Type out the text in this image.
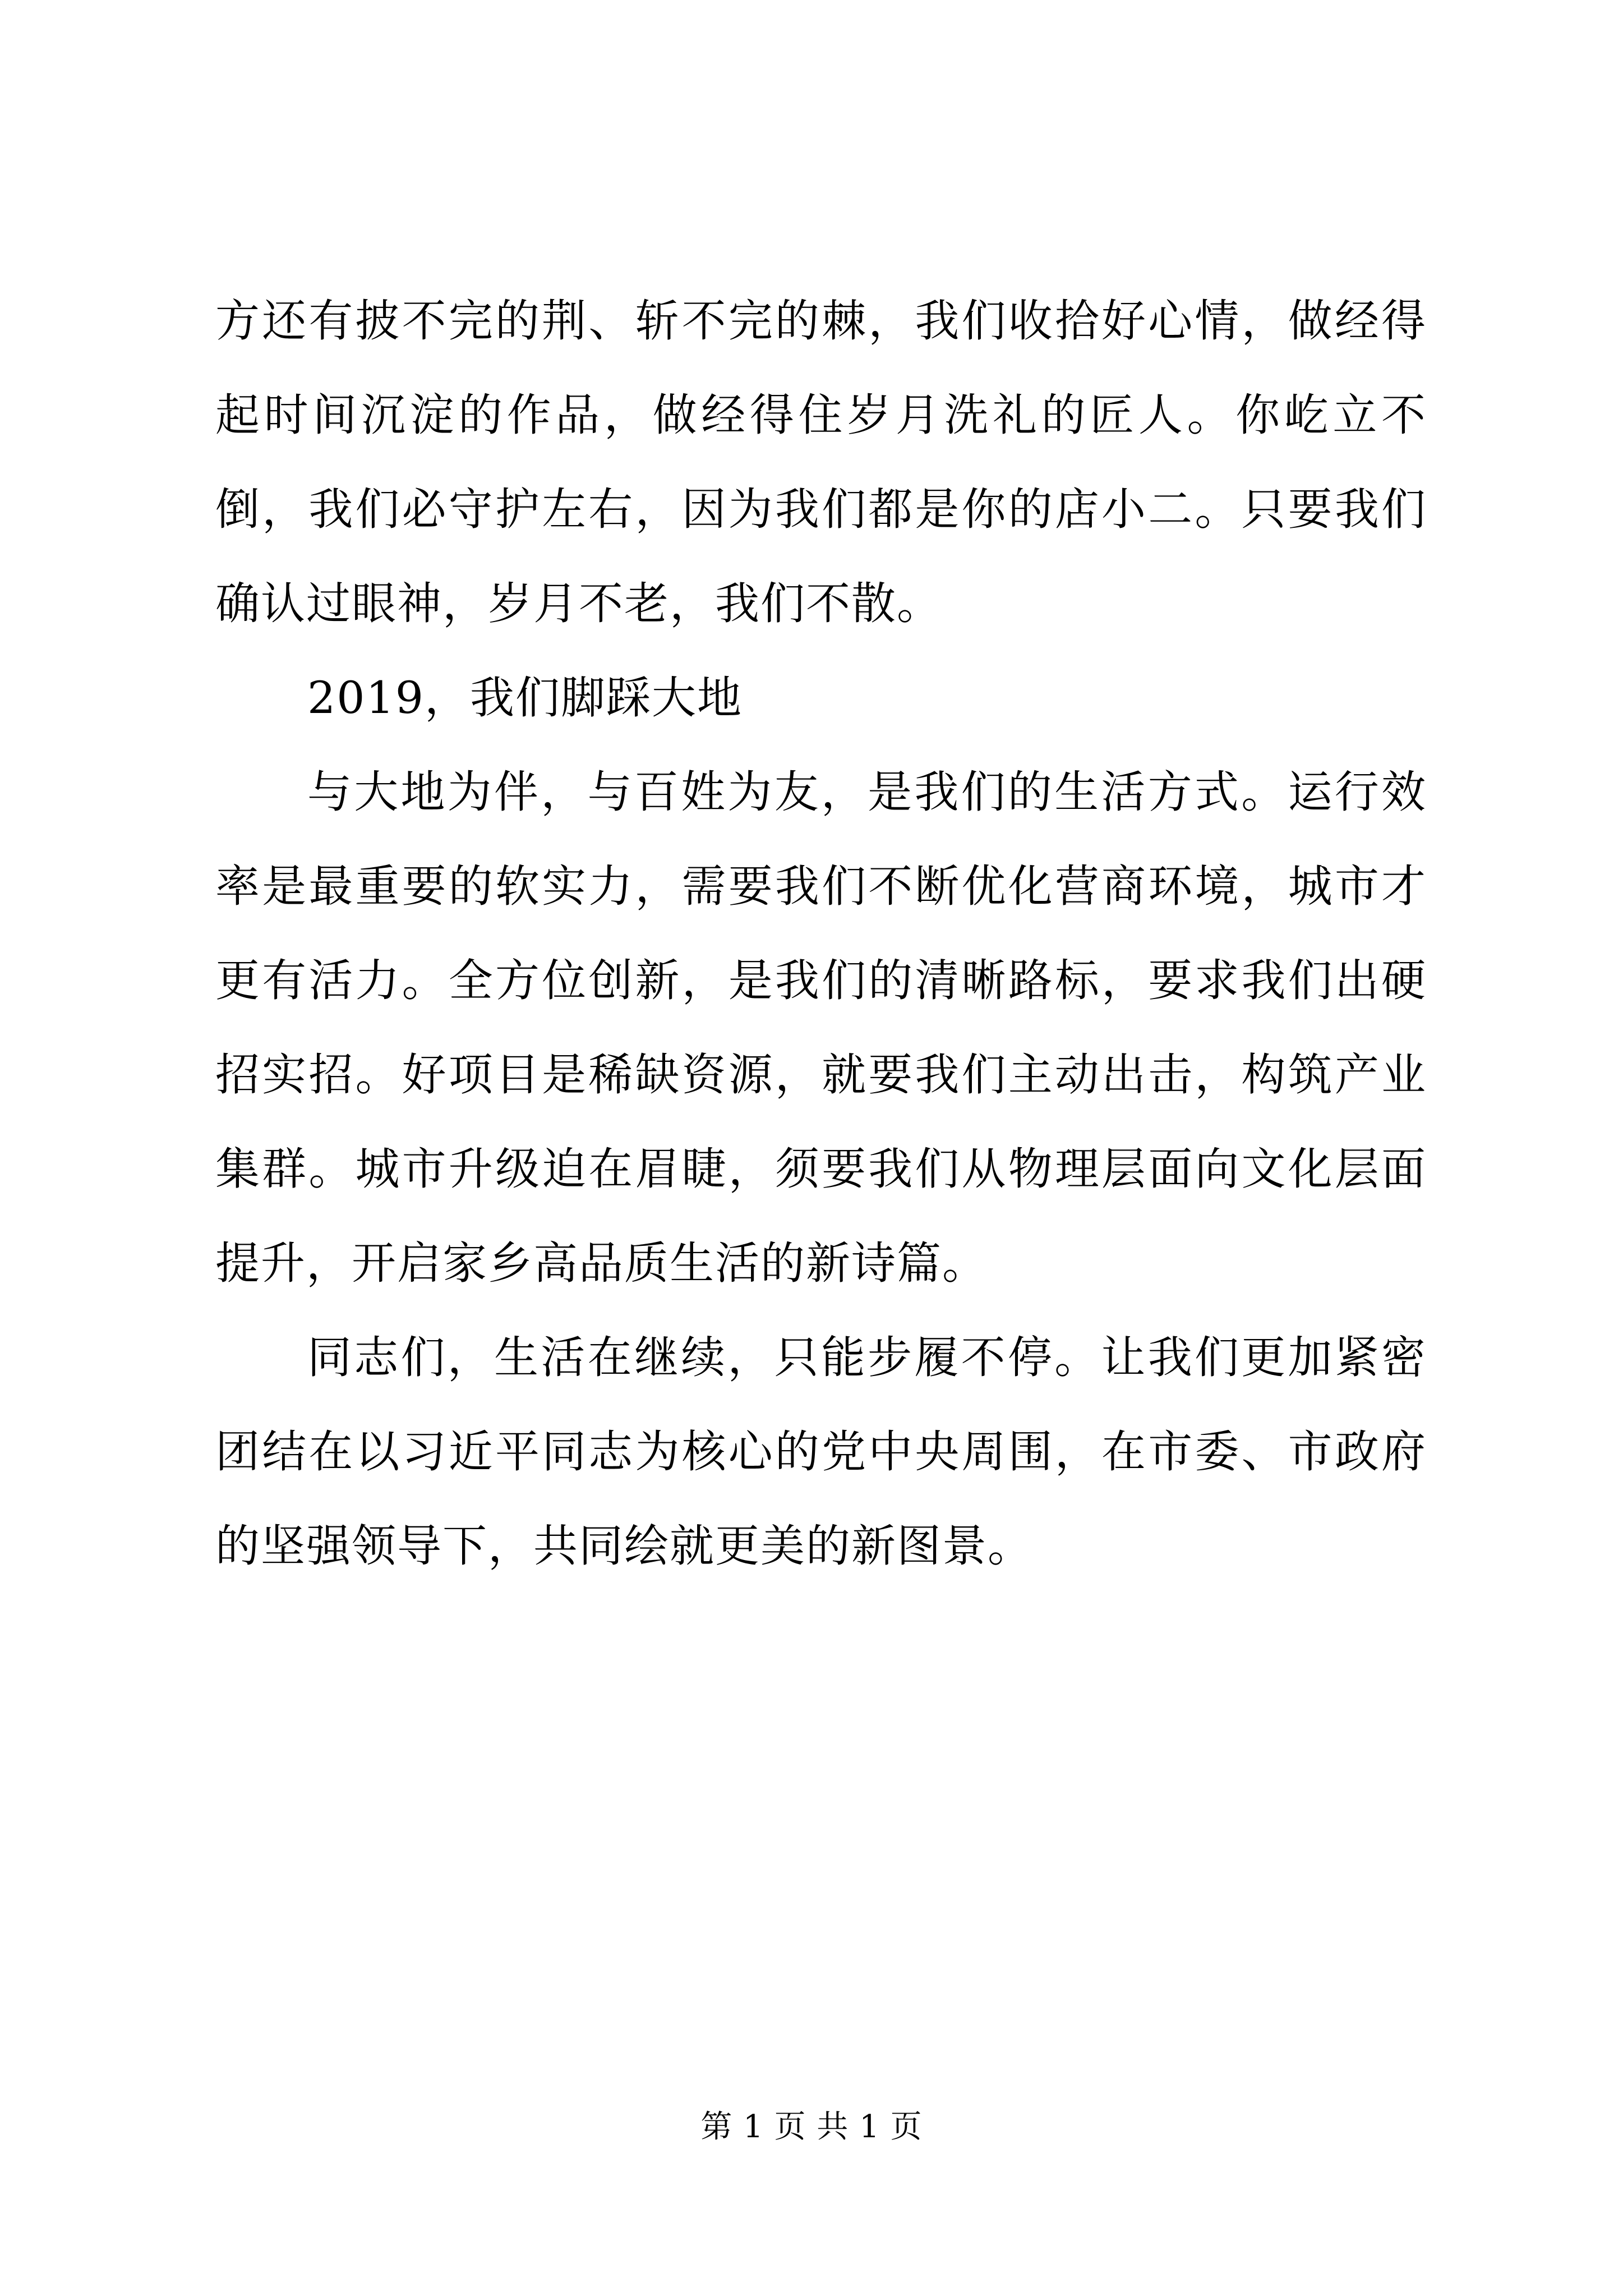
方还有披不完的荆、斩不完的棘，我们收拾好心情，做经得起时间沉淀的作品，做经得住岁月洗礼的匠人。你屹立不倒，我们必守护左右，因为我们都是你的店小二。只要我们确认过眼神，岁月不老，我们不散。

2019，我们脚踩大地

与大地为伴，与百姓为友，是我们的生活方式。运行效率是最重要的软实力，需要我们不断优化营商环境，城市才更有活力。全方位创新，是我们的清晰路标，要求我们出硬招实招。好项目是稀缺资源，就要我们主动出击，构筑产业集群。城市升级迫在眉睫，须要我们从物理层面向文化层面提升，开启家乡高品质生活的新诗篇。

同志们，生活在继续，只能步履不停。让我们更加紧密团结在以习近平同志为核心的党中央周围，在市委、市政府的坚强领导下，共同绘就更美的新图景。

第 1 页 共 1 页
